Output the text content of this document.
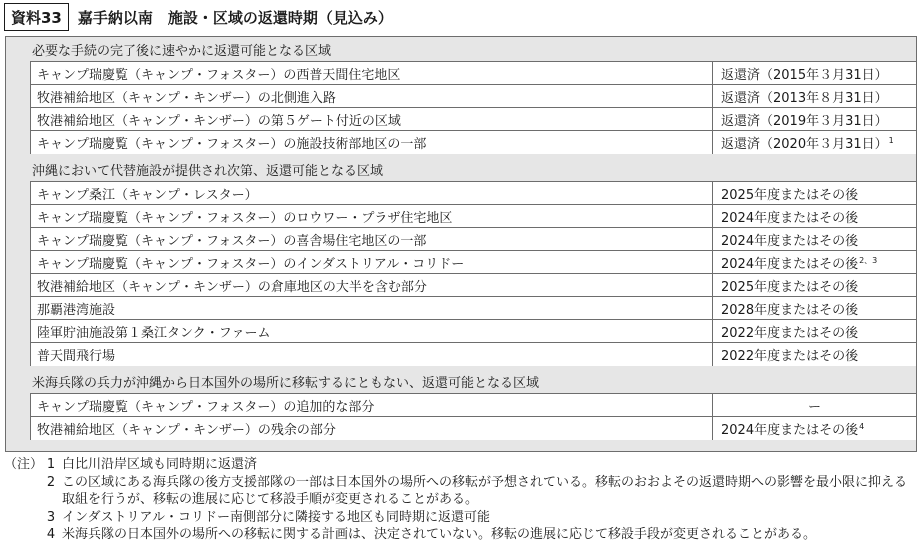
資料33	嘉手納以南　施設・区域の返還時期（見込み）
必要な手続の完了後に速やかに返還可能となる区域
キャンプ瑞慶覧（キャンプ・フォスター）の西普天間住宅地区	返還済（2015年３月31日）
牧港補給地区（キャンプ・キンザー）の北側進入路	返還済（2013年８月31日）
牧港補給地区（キャンプ・キンザー）の第５ゲート付近の区域	返還済（2019年３月31日）
キャンプ瑞慶覧（キャンプ・フォスター）の施設技術部地区の一部	返還済（2020年３月31日）$^1$
沖縄において代替施設が提供され次第、返還可能となる区域
キャンプ桑江（キャンプ・レスター）	2025年度またはその後
キャンプ瑞慶覧（キャンプ・フォスター）のロウワー・プラザ住宅地区	2024年度またはその後
キャンプ瑞慶覧（キャンプ・フォスター）の喜舎場住宅地区の一部	2024年度またはその後
キャンプ瑞慶覧（キャンプ・フォスター）のインダストリアル・コリドー	2024年度またはその後$^{2、3}$
牧港補給地区（キャンプ・キンザー）の倉庫地区の大半を含む部分	2025年度またはその後
那覇港湾施設	2028年度またはその後
陸軍貯油施設第１桑江タンク・ファーム	2022年度またはその後
普天間飛行場	2022年度またはその後
米海兵隊の兵力が沖縄から日本国外の場所に移転するにともない、返還可能となる区域
キャンプ瑞慶覧（キャンプ・フォスター）の追加的な部分	ー
牧港補給地区（キャンプ・キンザー）の残余の部分	2024年度またはその後$^4$
（注） 1 白比川沿岸区域も同時期に返還済
2 この区域にある海兵隊の後方支援部隊の一部は日本国外の場所への移転が予想されている。移転のおおよその返還時期への影響を最小限に抑える取組を行うが、移転の進展に応じて移設手順が変更されることがある。
3 インダストリアル・コリドー南側部分に隣接する地区も同時期に返還可能
4 米海兵隊の日本国外の場所への移転に関する計画は、決定されていない。移転の進展に応じて移設手段が変更されることがある。
